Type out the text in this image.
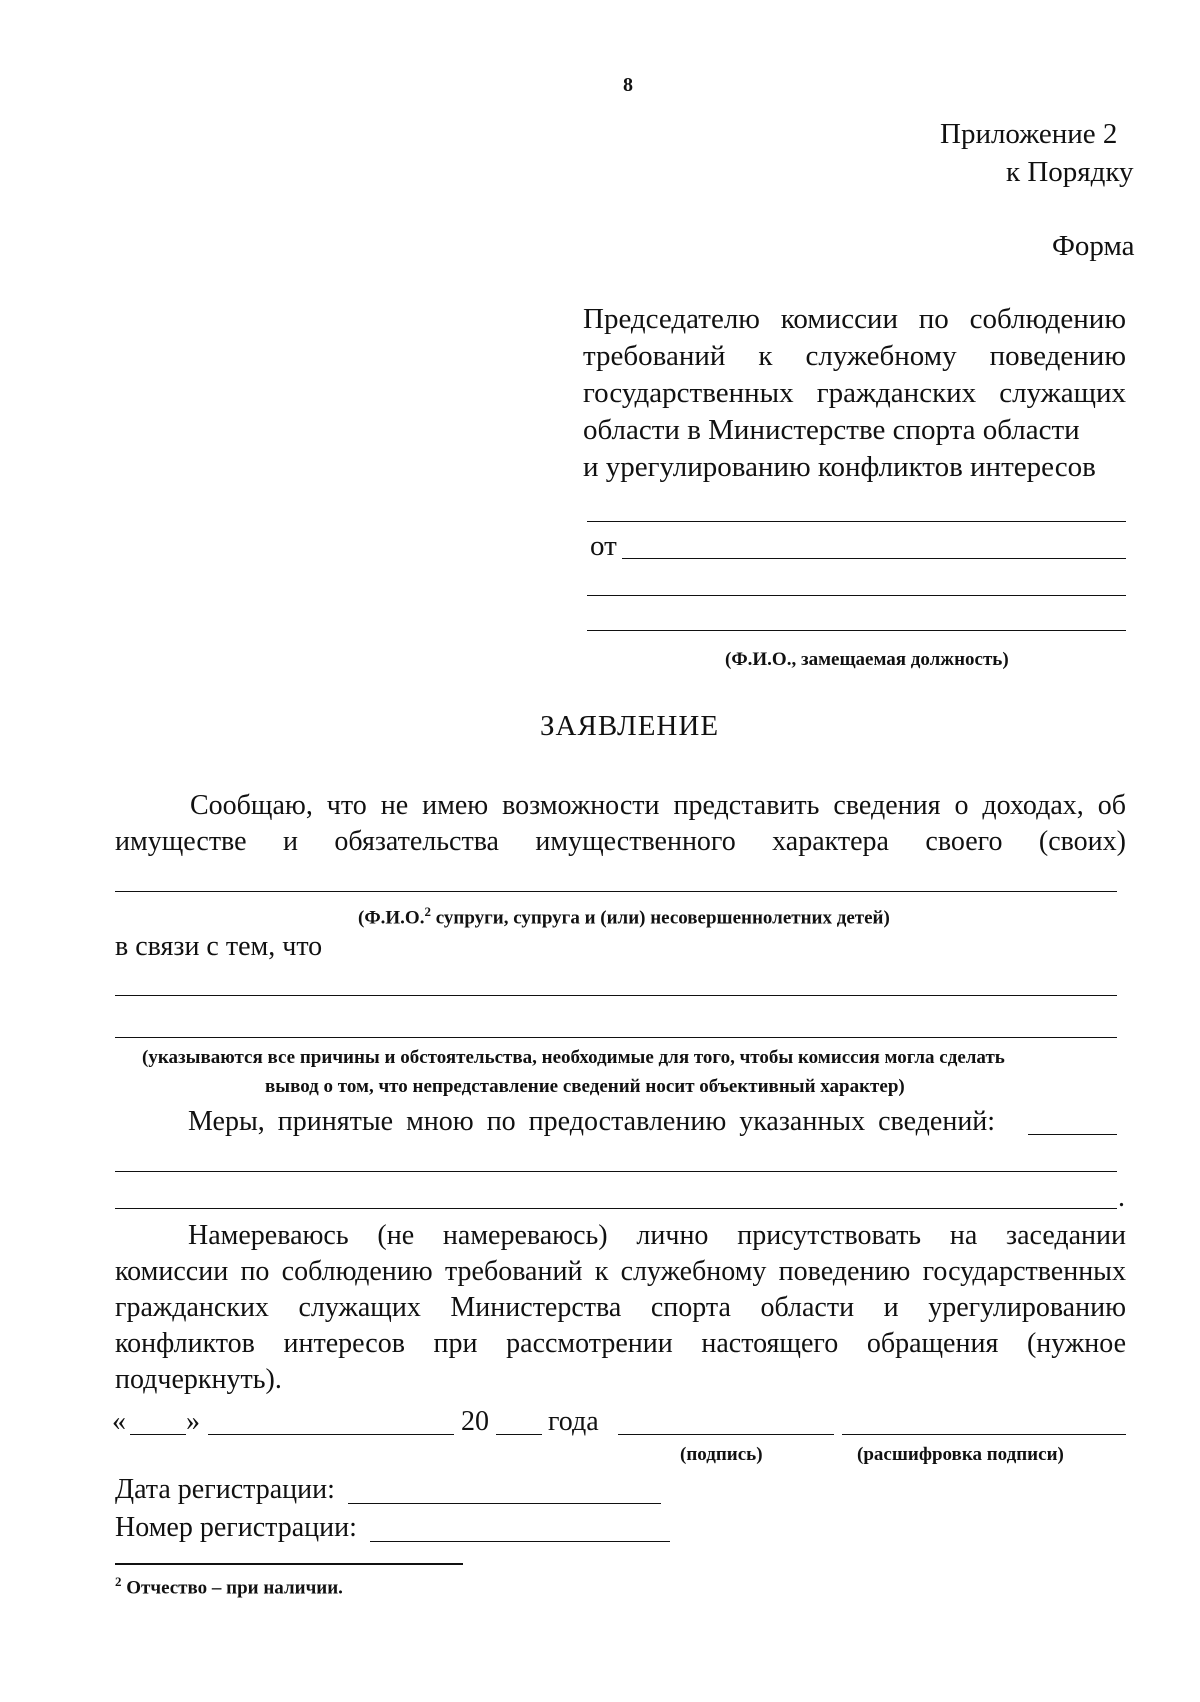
8
Приложение 2
к Порядку
Форма
Председателю комиссии по соблюдению
требований к служебному поведению
государственных гражданских служащих
области в Министерстве спорта области
и урегулированию конфликтов интересов
от
(Ф.И.О., замещаемая должность)
ЗАЯВЛЕНИЕ
Сообщаю, что не имею возможности представить сведения о доходах, об
имуществе и обязательства имущественного характера своего (своих)
(Ф.И.О.$^2$ супруги, супруга и (или) несовершеннолетних детей)
в связи с тем, что
(указываются все причины и обстоятельства, необходимые для того, чтобы комиссия могла сделать
вывод о том, что непредставление сведений носит объективный характер)
Меры, принятые мною по предоставлению указанных сведений:
.
Намереваюсь (не намереваюсь) лично присутствовать на заседании
комиссии по соблюдению требований к служебному поведению государственных
гражданских служащих Министерства спорта области и урегулированию
конфликтов интересов при рассмотрении настоящего обращения (нужное
подчеркнуть).
« »	20 года
(подпись)	(расшифровка подписи)
Дата регистрации:
Номер регистрации:
$^2$ Отчество – при наличии.
